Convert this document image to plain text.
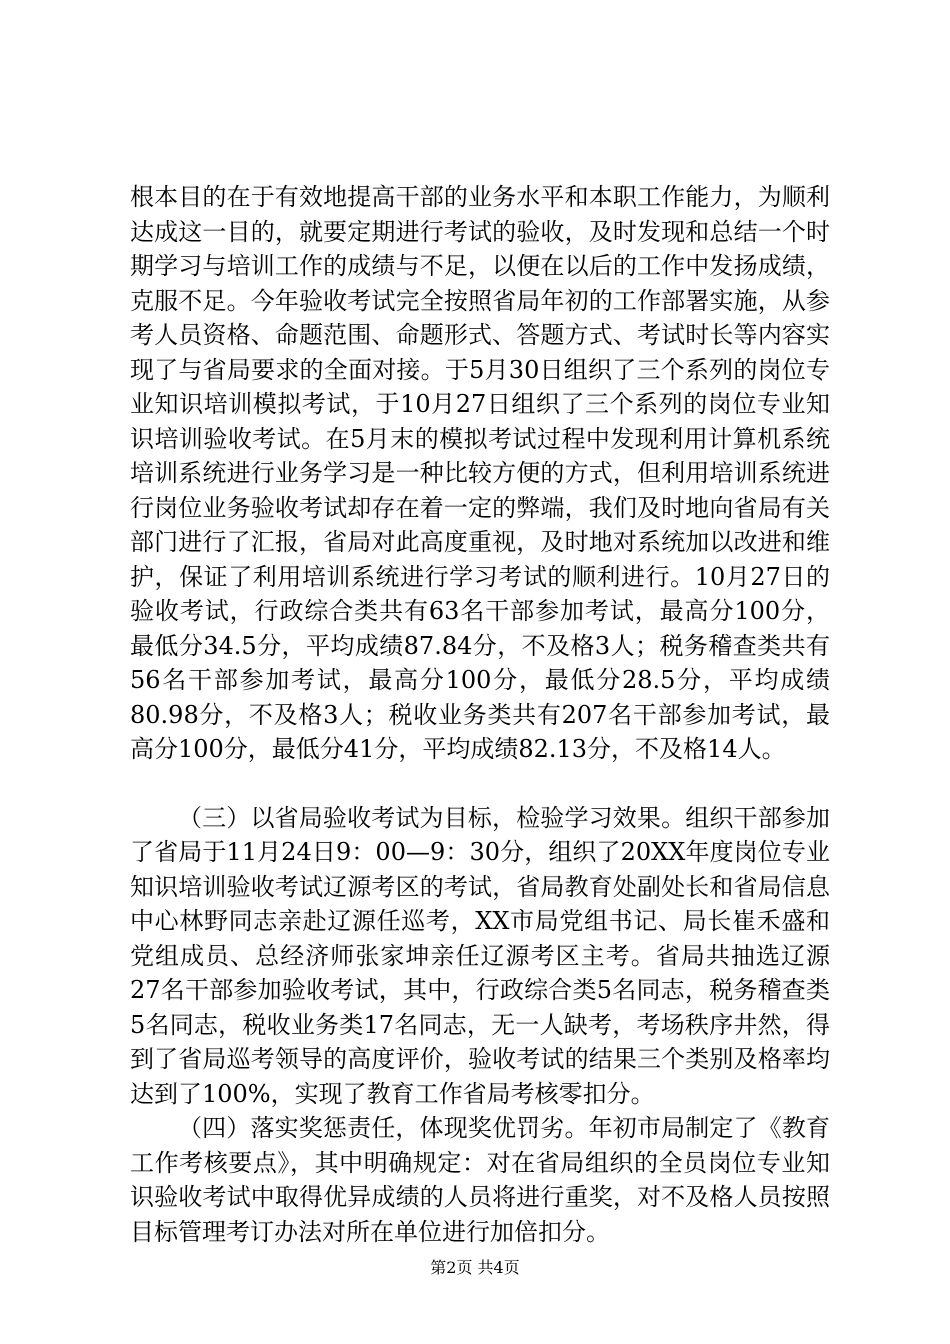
根本目的在于有效地提高干部的业务水平和本职工作能力，为顺利达成这一目的，就要定期进行考试的验收，及时发现和总结一个时期学习与培训工作的成绩与不足，以便在以后的工作中发扬成绩，克服不足。今年验收考试完全按照省局年初的工作部署实施，从参考人员资格、命题范围、命题形式、答题方式、考试时长等内容实现了与省局要求的全面对接。于5月30日组织了三个系列的岗位专业知识培训模拟考试，于10月27日组织了三个系列的岗位专业知识培训验收考试。在5月末的模拟考试过程中发现利用计算机系统培训系统进行业务学习是一种比较方便的方式，但利用培训系统进行岗位业务验收考试却存在着一定的弊端，我们及时地向省局有关部门进行了汇报，省局对此高度重视，及时地对系统加以改进和维护，保证了利用培训系统进行学习考试的顺利进行。10月27日的验收考试，行政综合类共有63名干部参加考试，最高分100分，最低分34.5分，平均成绩87.84分，不及格3人；税务稽查类共有56名干部参加考试，最高分100分，最低分28.5分，平均成绩80.98分，不及格3人；税收业务类共有207名干部参加考试，最高分100分，最低分41分，平均成绩82.13分，不及格14人。

（三）以省局验收考试为目标，检验学习效果。组织干部参加了省局于11月24日9：00—9：30分，组织了20XX年度岗位专业知识培训验收考试辽源考区的考试，省局教育处副处长和省局信息中心林野同志亲赴辽源任巡考，XX市局党组书记、局长崔禾盛和党组成员、总经济师张家坤亲任辽源考区主考。省局共抽选辽源27名干部参加验收考试，其中，行政综合类5名同志，税务稽查类5名同志，税收业务类17名同志，无一人缺考，考场秩序井然，得到了省局巡考领导的高度评价，验收考试的结果三个类别及格率均达到了100%，实现了教育工作省局考核零扣分。

（四）落实奖惩责任，体现奖优罚劣。年初市局制定了《教育工作考核要点》，其中明确规定：对在省局组织的全员岗位专业知识验收考试中取得优异成绩的人员将进行重奖，对不及格人员按照目标管理考订办法对所在单位进行加倍扣分。

第2页 共4页
